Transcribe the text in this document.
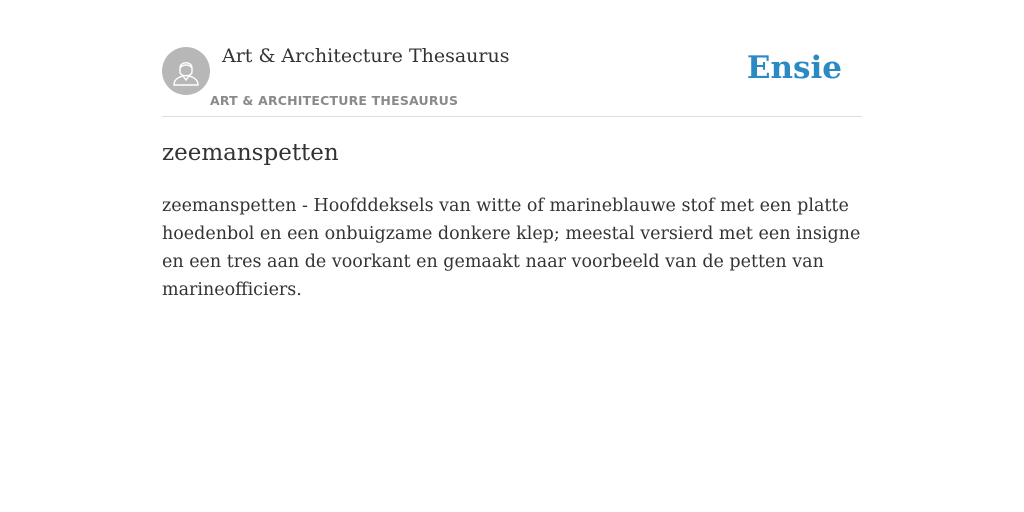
Art & Architecture Thesaurus
ART & ARCHITECTURE THESAURUS
Ensie
zeemanspetten
zeemanspetten - Hoofddeksels van witte of marineblauwe stof met een platte hoedenbol en een onbuigzame donkere klep; meestal versierd met een insigne en een tres aan de voorkant en gemaakt naar voorbeeld van de petten van marineofficiers.
